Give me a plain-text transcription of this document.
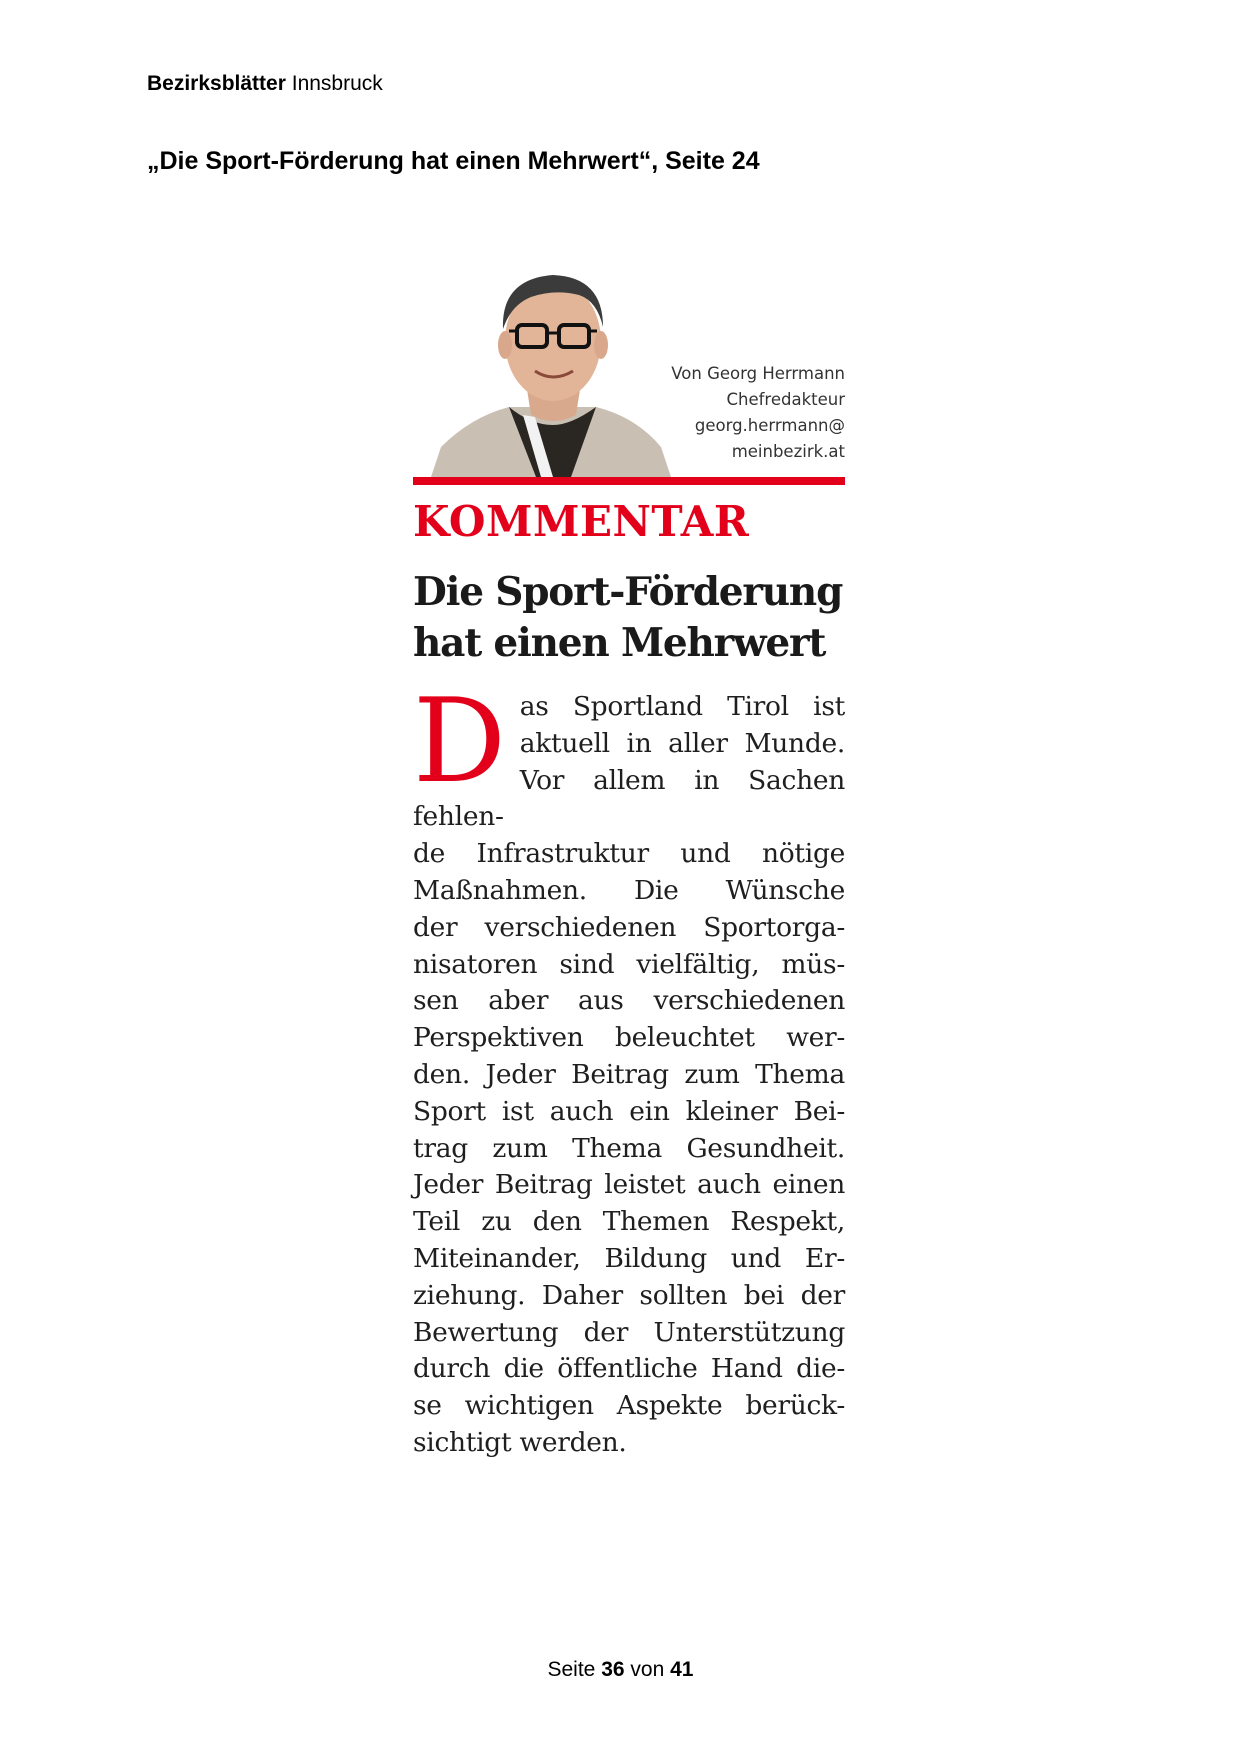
Bezirksblätter Innsbruck
„Die Sport-Förderung hat einen Mehrwert“, Seite 24
Von Georg Herrmann
Chefredakteur
georg.herrmann@
meinbezirk.at
KOMMENTAR
Die Sport-Förderung
hat einen Mehrwert
D as Sportland Tirol ist
aktuell in aller Munde.
Vor allem in Sachen fehlen-
de Infrastruktur und nötige
Maßnahmen. Die Wünsche
der verschiedenen Sportorga-
nisatoren sind vielfältig, müs-
sen aber aus verschiedenen
Perspektiven beleuchtet wer-
den. Jeder Beitrag zum Thema
Sport ist auch ein kleiner Bei-
trag zum Thema Gesundheit.
Jeder Beitrag leistet auch einen
Teil zu den Themen Respekt,
Miteinander, Bildung und Er-
ziehung. Daher sollten bei der
Bewertung der Unterstützung
durch die öffentliche Hand die-
se wichtigen Aspekte berück-
sichtigt werden.
Seite 36 von 41
